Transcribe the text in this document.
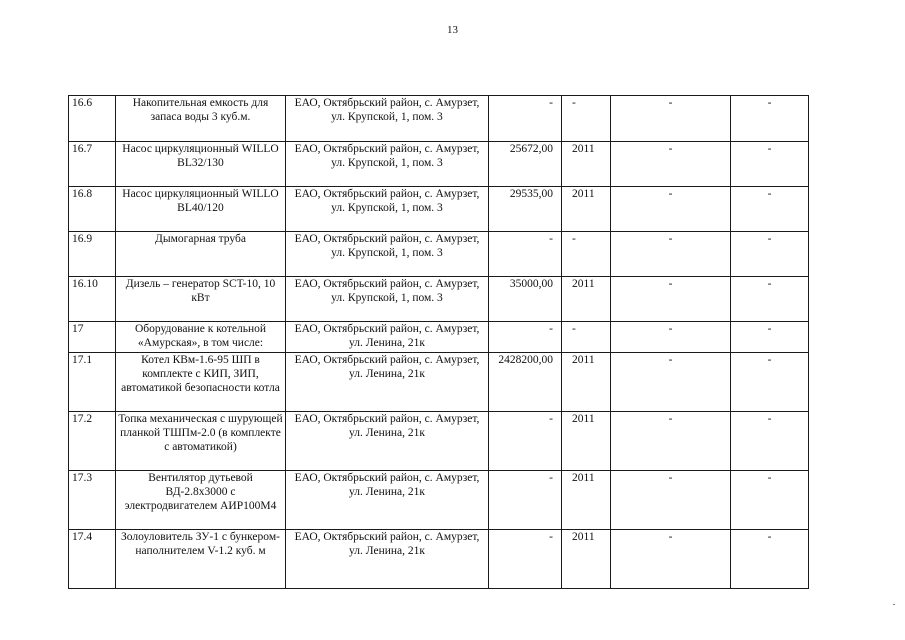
13
16.6	Накопительная емкость для запаса воды 3 куб.м.	ЕАО, Октябрьский район, с. Амурзет, ул. Крупской, 1, пом. 3	-	-	-	-
16.7	Насос циркуляционный WILLO BL32/130	ЕАО, Октябрьский район, с. Амурзет, ул. Крупской, 1, пом. 3	25672,00	2011	-	-
16.8	Насос циркуляционный WILLO BL40/120	ЕАО, Октябрьский район, с. Амурзет, ул. Крупской, 1, пом. 3	29535,00	2011	-	-
16.9	Дымогарная труба	ЕАО, Октябрьский район, с. Амурзет, ул. Крупской, 1, пом. 3	-	-	-	-
16.10	Дизель – генератор SCT-10, 10 кВт	ЕАО, Октябрьский район, с. Амурзет, ул. Крупской, 1, пом. 3	35000,00	2011	-	-
17	Оборудование к котельной «Амурская», в том числе:	ЕАО, Октябрьский район, с. Амурзет, ул. Ленина, 21к	-	-	-	-
17.1	Котел КВм-1.6-95 ШП в комплекте с КИП, ЗИП, автоматикой безопасности котла	ЕАО, Октябрьский район, с. Амурзет, ул. Ленина, 21к	2428200,00	2011	-	-
17.2	Топка механическая с шурующей планкой ТШПм-2.0 (в комплекте с автоматикой)	ЕАО, Октябрьский район, с. Амурзет, ул. Ленина, 21к	-	2011	-	-
17.3	Вентилятор дутьевой ВД-2.8х3000 с электродвигателем АИР100М4	ЕАО, Октябрьский район, с. Амурзет, ул. Ленина, 21к	-	2011	-	-
17.4	Золоуловитель ЗУ-1 с бункером-наполнителем V-1.2 куб. м	ЕАО, Октябрьский район, с. Амурзет, ул. Ленина, 21к	-	2011	-	-
